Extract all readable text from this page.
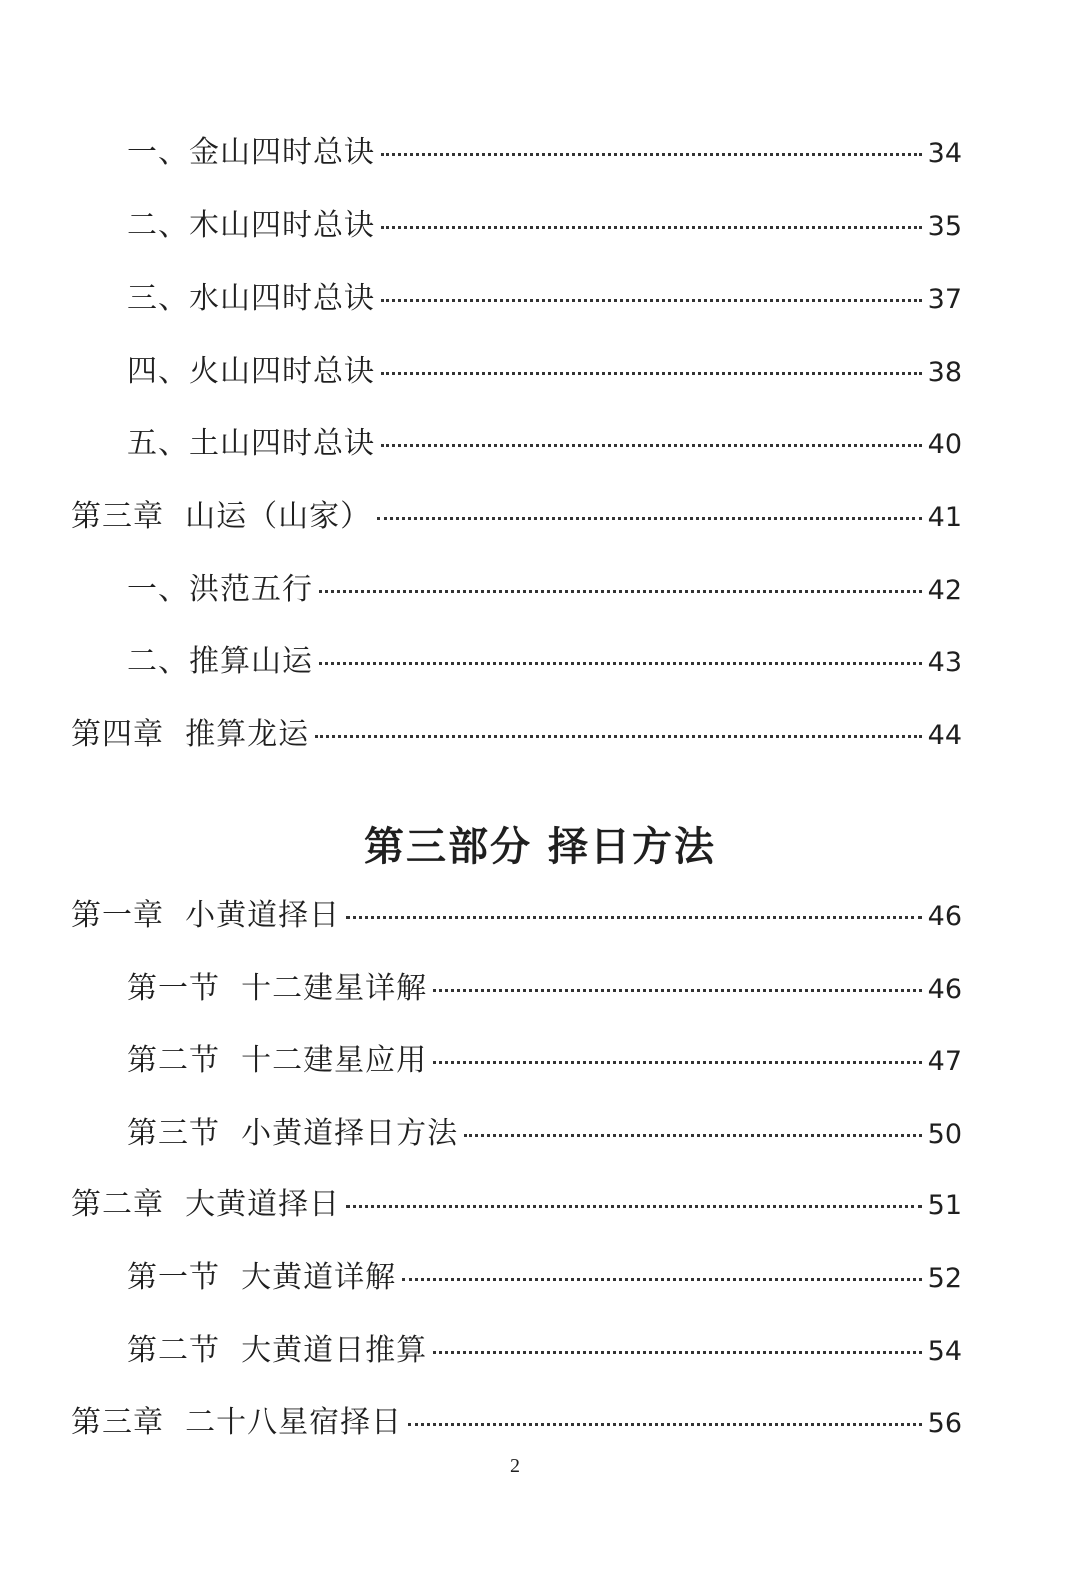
一、金山四时总诀	34
二、木山四时总诀	35
三、水山四时总诀	37
四、火山四时总诀	38
五、土山四时总诀	40
第三章  山运（山家）	41
一、洪范五行	42
二、推算山运	43
第四章  推算龙运	44
第三部分 择日方法
第一章  小黄道择日	46
第一节  十二建星详解	46
第二节  十二建星应用	47
第三节  小黄道择日方法	50
第二章  大黄道择日	51
第一节  大黄道详解	52
第二节  大黄道日推算	54
第三章  二十八星宿择日	56
2
